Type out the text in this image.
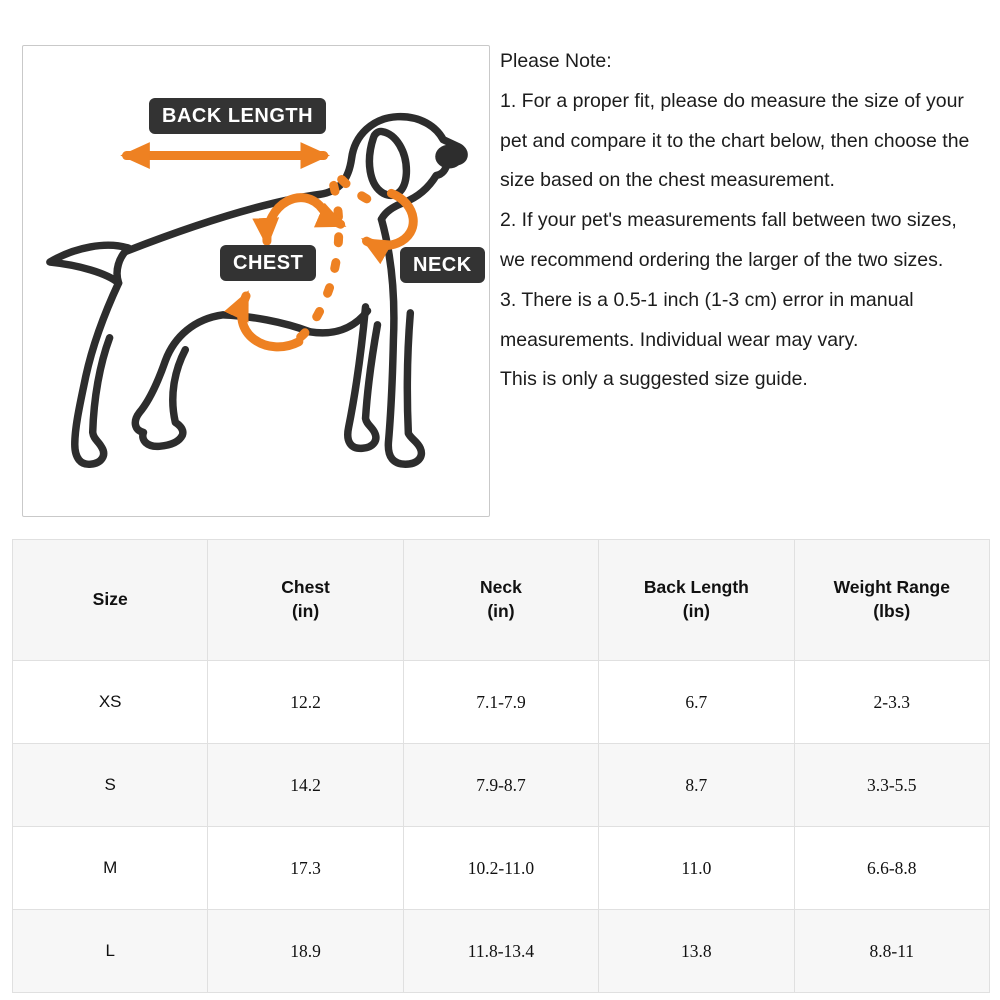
BACK LENGTH
CHEST	NECK
Please Note:
1. For a proper fit, please do measure the size of your
pet and compare it to the chart below, then choose the
size based on the chest measurement.
2. If your pet's measurements fall between two sizes,
we recommend ordering the larger of the two sizes.
3. There is a 0.5-1 inch (1-3 cm) error in manual
measurements. Individual wear may vary.
This is only a suggested size guide.
Size

Chest
(in)

Neck
(in)

Back Length
(in)

Weight Range
(lbs)

XS	12.2	7.1-7.9	6.7	2-3.3
S	14.2	7.9-8.7	8.7	3.3-5.5
M	17.3	10.2-11.0	11.0	6.6-8.8
L	18.9	11.8-13.4	13.8	8.8-11
